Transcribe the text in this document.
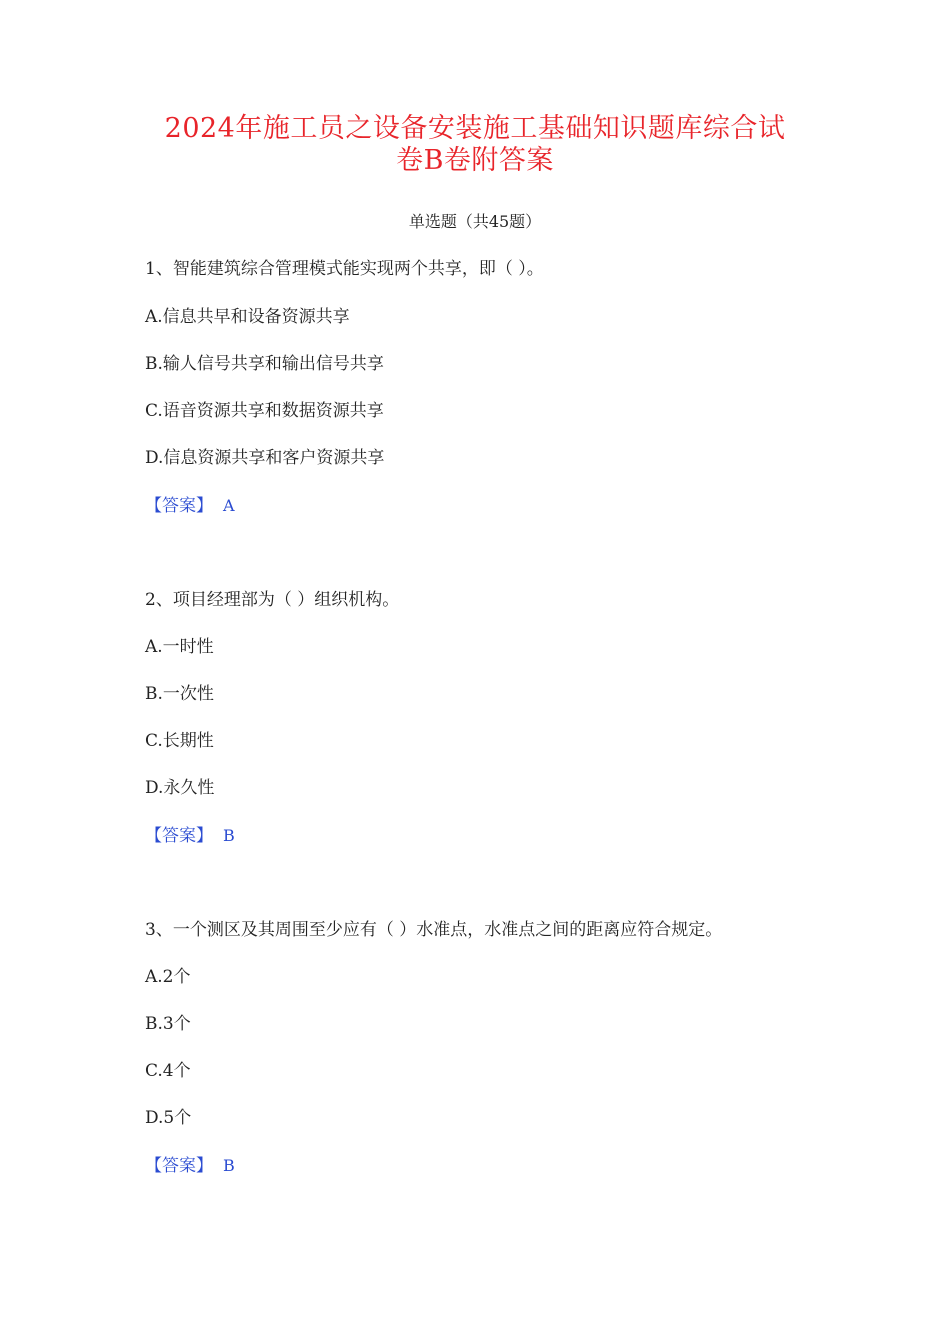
2024年施工员之设备安装施工基础知识题库综合试
卷B卷附答案
单选题（共45题）
1、智能建筑综合管理模式能实现两个共享，即（ ）。
A.信息共早和设备资源共享
B.输人信号共享和输出信号共享
C.语音资源共享和数据资源共享
D.信息资源共享和客户资源共享
【答案】 A
2、项目经理部为（ ）组织机构。
A.一时性
B.一次性
C.长期性
D.永久性
【答案】 B
3、一个测区及其周围至少应有（ ）水准点，水准点之间的距离应符合规定。
A.2个
B.3个
C.4个
D.5个
【答案】 B
